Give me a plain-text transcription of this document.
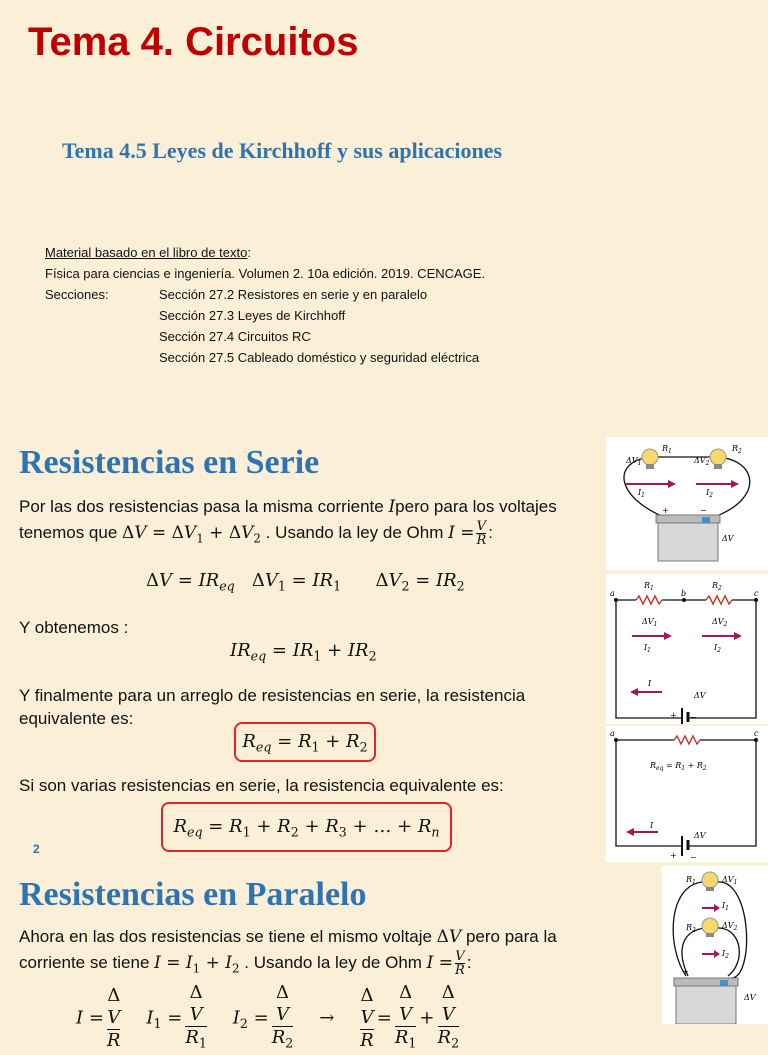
Tema 4. Circuitos
Tema 4.5 Leyes de Kirchhoff y sus aplicaciones
Material basado en el libro de texto:
Física para ciencias e ingeniería. Volumen 2. 10a edición. 2019. CENCAGE.
Secciones:	Sección 27.2 Resistores en serie y en paralelo
Sección 27.3 Leyes de Kirchhoff
Sección 27.4 Circuitos RC
Sección 27.5 Cableado doméstico y seguridad eléctrica
Resistencias en Serie
Por las dos resistencias pasa la misma corriente Ipero para los voltajes
tenemos que $\Delta V = \Delta V_1 + \Delta V_2$ . Usando la ley de Ohm $I = \frac{V}{R}$ :
$\Delta V = IR_{eq}$ $\Delta V_1 = IR_1$ $\Delta V_2 = IR_2$
Y obtenemos :
$IR_{eq} = IR_1 + IR_2$
Y finalmente para un arreglo de resistencias en serie, la resistencia equivalente es:
$R_{eq} = R_1 + R_2$
Si son varias resistencias en serie, la resistencia equivalente es:
$R_{eq} = R_1 + R_2 + R_3$ + … + $R_n$
2
Resistencias en Paralelo
Ahora en las dos resistencias se tiene el mismo voltaje ΔV pero para la
corriente se tiene $I = I_1 + I_2$ . Usando la ley de Ohm $I = \frac{V}{R}$ :
I = Δ
V
R $I_1 = \Delta$
V
$R_1$ $I_2 = \Delta$
V
$R_2 \to \Delta$
V
R = Δ
V
$R_1 + \Delta$
V
$R_2$
$\Delta V_1$
$R_1$
$\Delta V_2$
$R_2$
$I_1$	$I_2$
+	−
ΔV
a
$R_1$
b
$R_2$
c
$\Delta V_1$	$\Delta V_2$
$I_1$	$I_2$
I
ΔV
+ −
a	c
$R_{eq} = R_1 + R_2$
I
ΔV
+ −
$R_1$	$\Delta V_1$
$I_1$
$R_2$
$\Delta V_2$
$I_2$
+
ΔV
